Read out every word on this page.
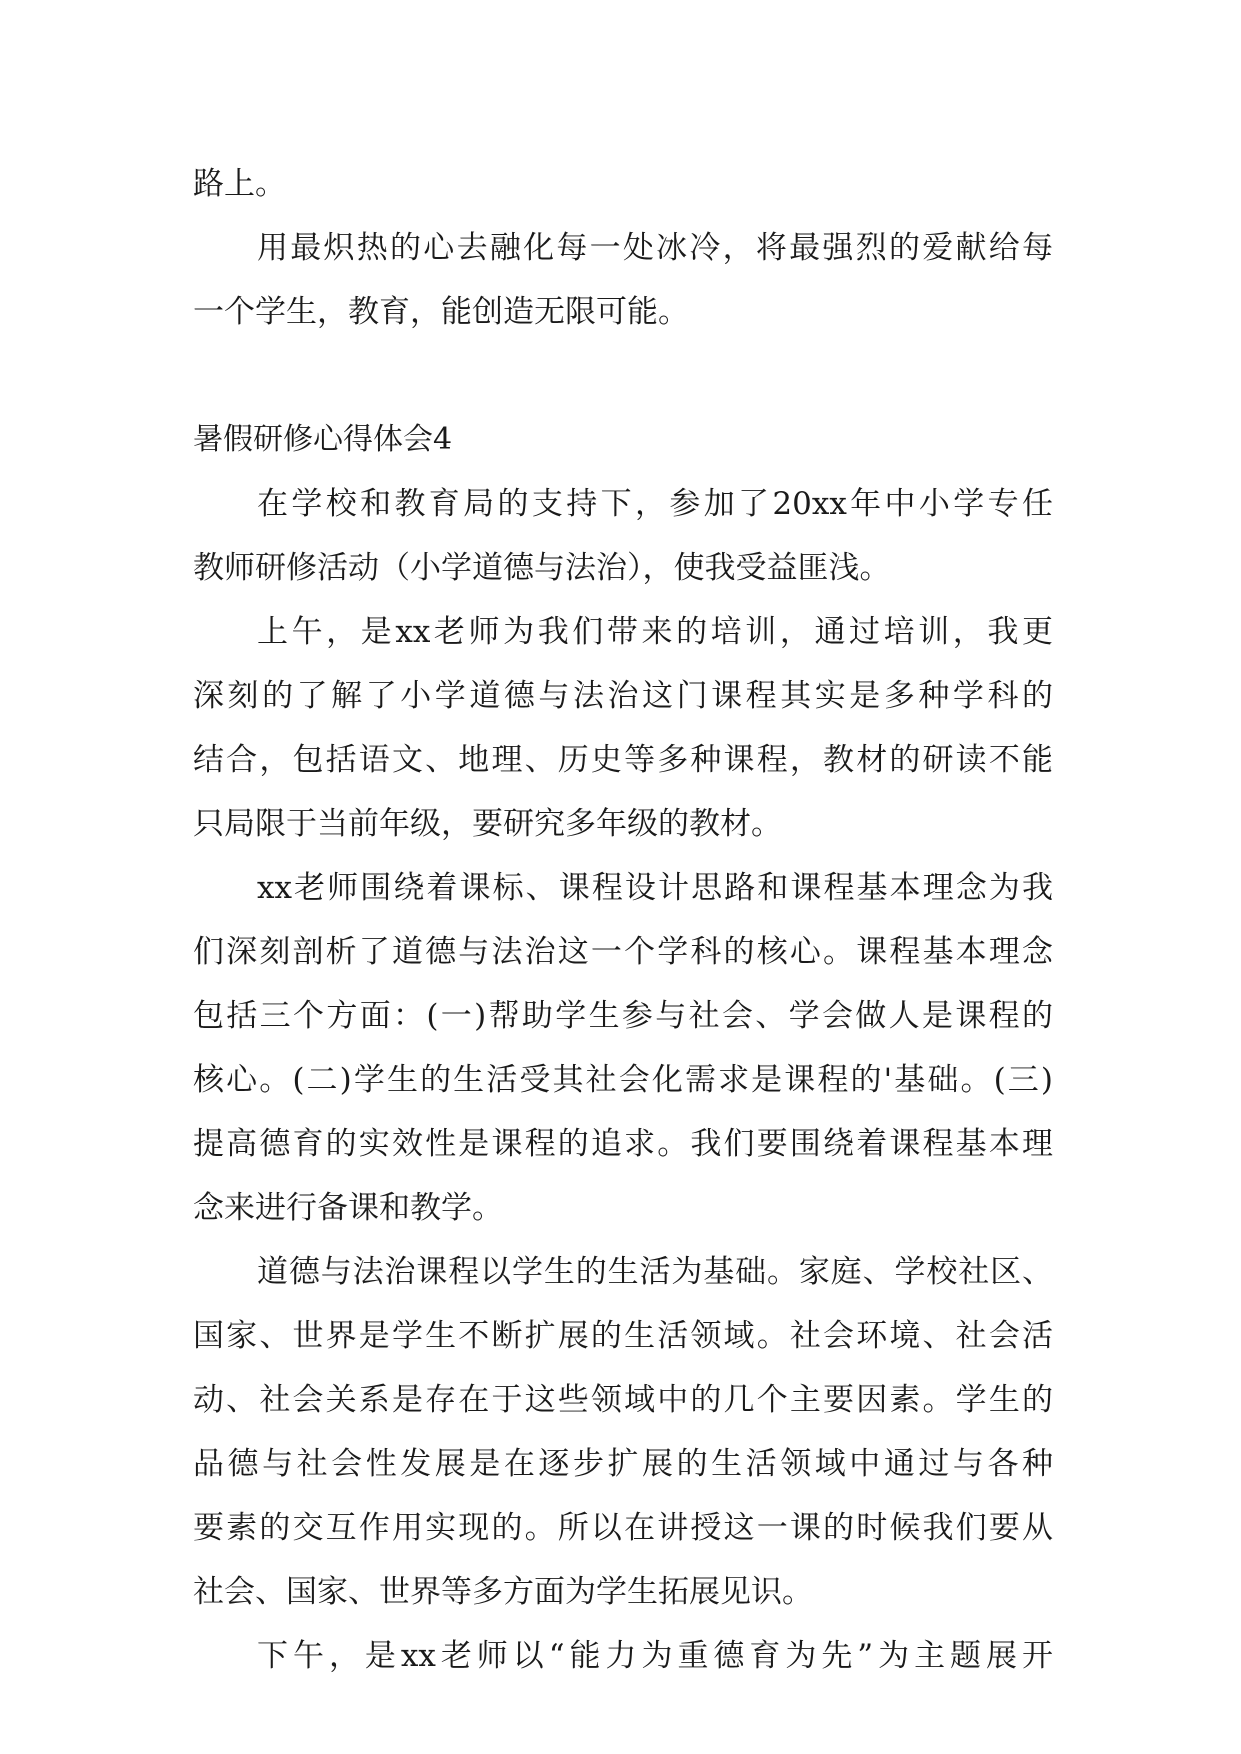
路上。
用最炽热的心去融化每一处冰冷，将最强烈的爱献给每
一个学生，教育，能创造无限可能。
暑假研修心得体会4
在学校和教育局的支持下，参加了20xx年中小学专任
教师研修活动（小学道德与法治），使我受益匪浅。
上午，是xx老师为我们带来的培训，通过培训，我更
深刻的了解了小学道德与法治这门课程其实是多种学科的
结合，包括语文、地理、历史等多种课程，教材的研读不能
只局限于当前年级，要研究多年级的教材。
xx老师围绕着课标、课程设计思路和课程基本理念为我
们深刻剖析了道德与法治这一个学科的核心。课程基本理念
包括三个方面：(一)帮助学生参与社会、学会做人是课程的
核心。(二)学生的生活受其社会化需求是课程的'基础。(三)
提高德育的实效性是课程的追求。我们要围绕着课程基本理
念来进行备课和教学。
道德与法治课程以学生的生活为基础。家庭、学校社区、
国家、世界是学生不断扩展的生活领域。社会环境、社会活
动、社会关系是存在于这些领域中的几个主要因素。学生的
品德与社会性发展是在逐步扩展的生活领域中通过与各种
要素的交互作用实现的。所以在讲授这一课的时候我们要从
社会、国家、世界等多方面为学生拓展见识。
下午，是xx老师以“能力为重德育为先”为主题展开
